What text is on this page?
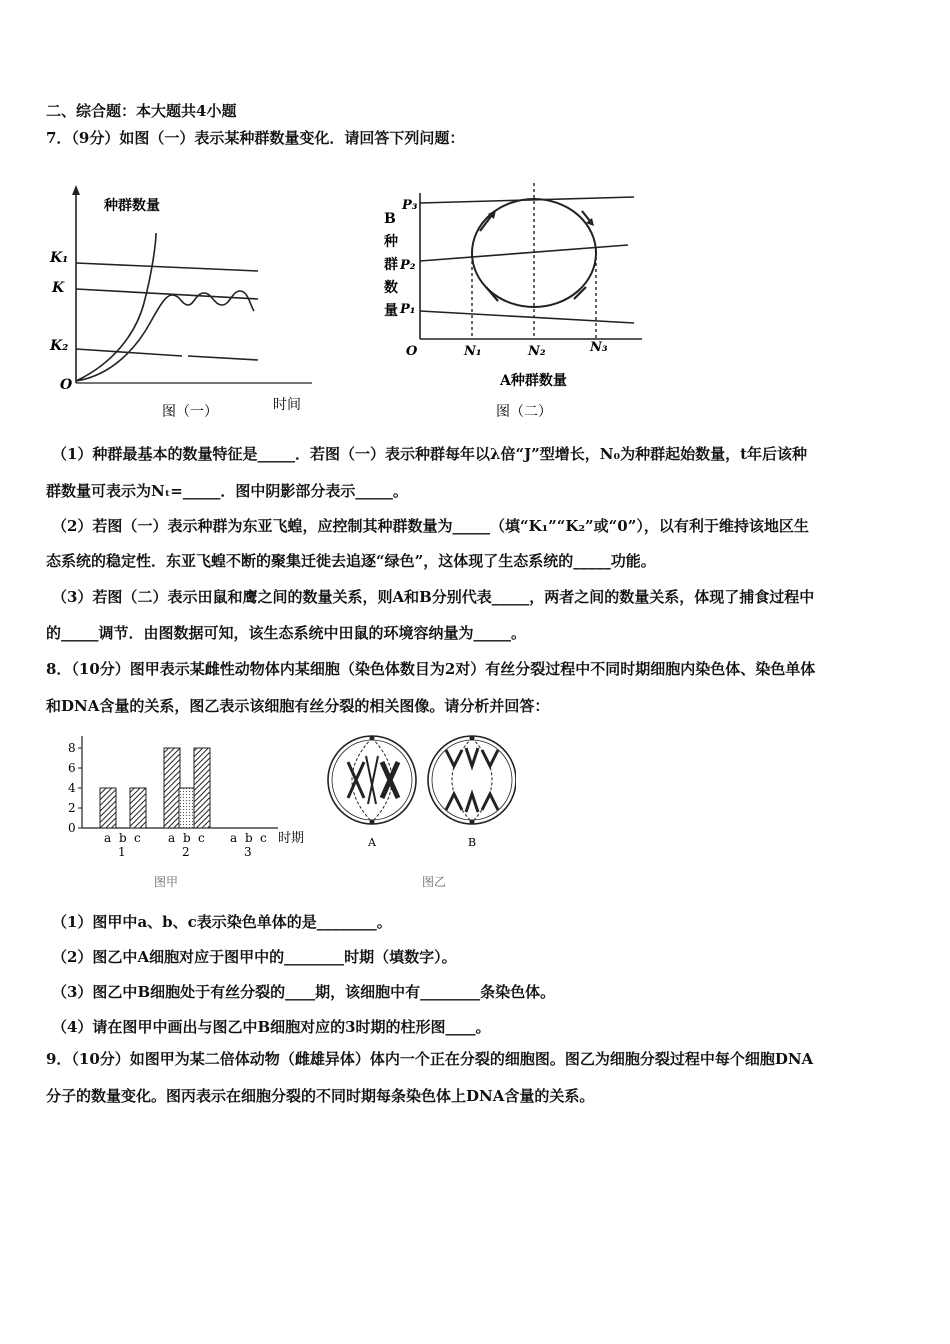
二、综合题：本大题共4小题
7．（9分）如图（一）表示某种群数量变化．请回答下列问题：
种群数量
K₁
K
K₂
O
图（一）	时间
B
种
群
数
量
P₃
P₂
P₁
O	N₁	N₂	N₃
A种群数量
图（二）
（1）种群最基本的数量特征是_____．若图（一）表示种群每年以λ倍“J”型增长，N₀为种群起始数量，t年后该种
群数量可表示为Nₜ=_____．图中阴影部分表示_____。
（2）若图（一）表示种群为东亚飞蝗，应控制其种群数量为_____（填“K₁”“K₂”或“0”），以有利于维持该地区生
态系统的稳定性．东亚飞蝗不断的聚集迁徙去追逐“绿色”，这体现了生态系统的_____功能。
（3）若图（二）表示田鼠和鹰之间的数量关系，则A和B分别代表_____，两者之间的数量关系，体现了捕食过程中
的_____调节．由图数据可知，该生态系统中田鼠的环境容纳量为_____。
8．（10分）图甲表示某雌性动物体内某细胞（染色体数目为2对）有丝分裂过程中不同时期细胞内染色体、染色单体
和DNA含量的关系，图乙表示该细胞有丝分裂的相关图像。请分析并回答：
0
2
4
6
8
a b c
1
a b c
2
a b c
3
时期
图甲
A	B
图乙
（1）图甲中a、b、c表示染色单体的是________。
（2）图乙中A细胞对应于图甲中的________时期（填数字）。
（3）图乙中B细胞处于有丝分裂的____期，该细胞中有________条染色体。
（4）请在图甲中画出与图乙中B细胞对应的3时期的柱形图____。
9．（10分）如图甲为某二倍体动物（雌雄异体）体内一个正在分裂的细胞图。图乙为细胞分裂过程中每个细胞DNA
分子的数量变化。图丙表示在细胞分裂的不同时期每条染色体上DNA含量的关系。
